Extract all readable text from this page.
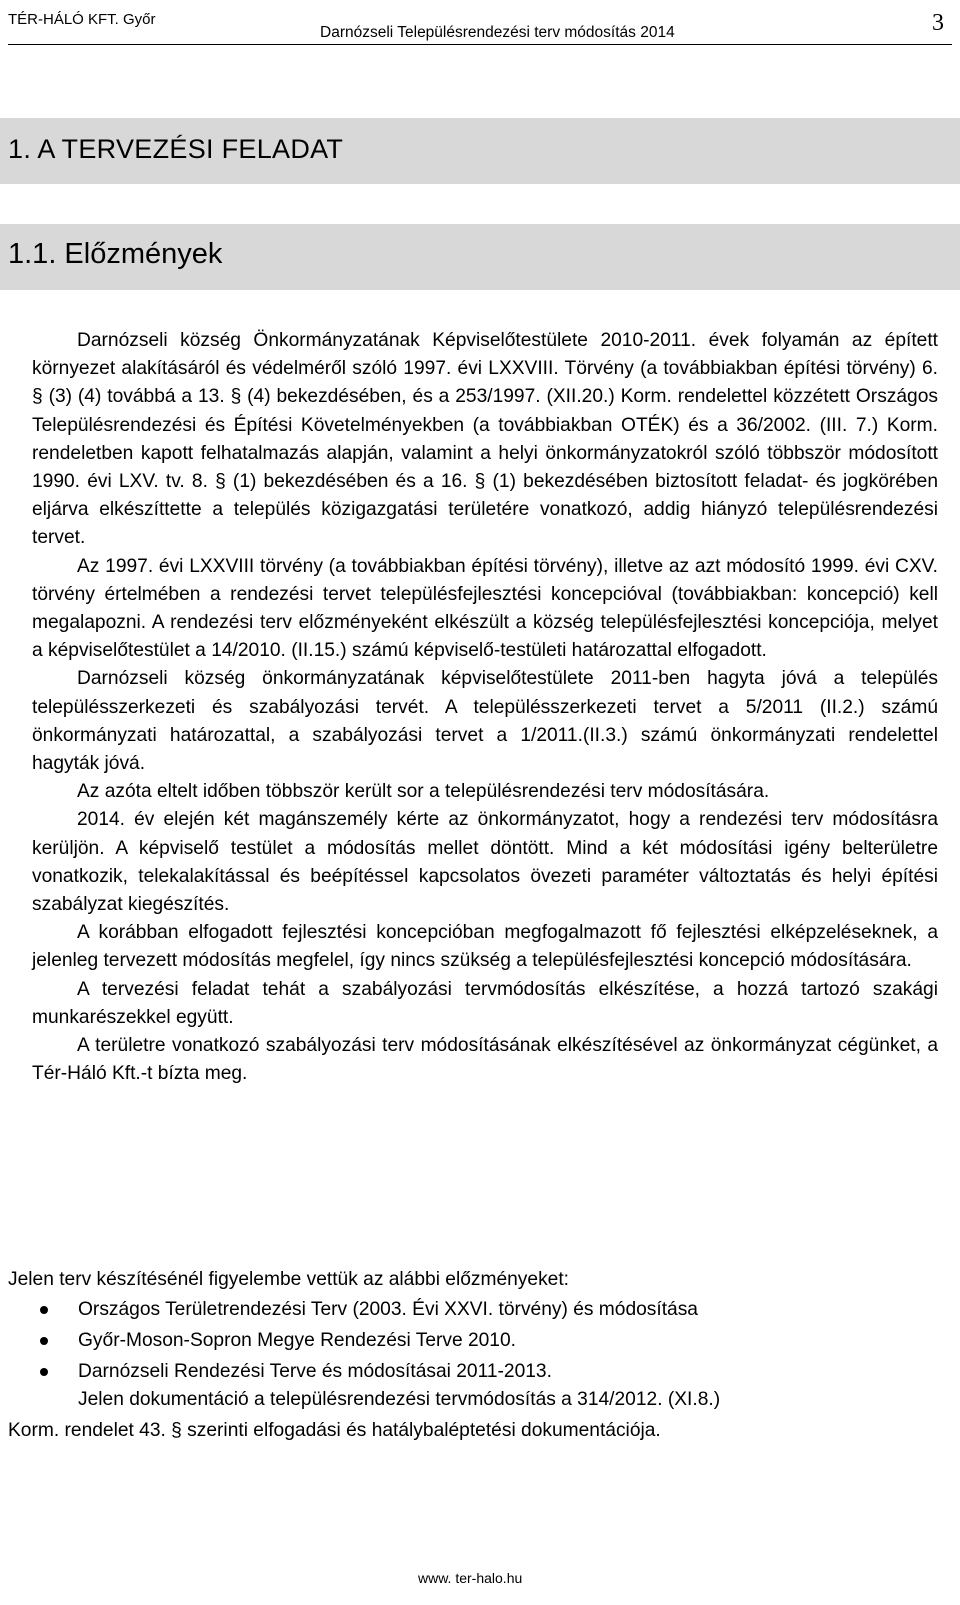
TÉR-HÁLÓ KFT. Győr
Darnózseli Településrendezési terv módosítás 2014	3
1. A TERVEZÉSI FELADAT
1.1. Előzmények

Darnózseli község Önkormányzatának Képviselőtestülete 2010-2011. évek folyamán az épített környezet alakításáról és védelméről szóló 1997. évi LXXVIII. Törvény (a továbbiakban építési törvény) 6. § (3) (4) továbbá a 13. § (4) bekezdésében, és a 253/1997. (XII.20.) Korm. rendelettel közzétett Országos Településrendezési és Építési Követelményekben (a továbbiakban OTÉK) és a 36/2002. (III. 7.) Korm. rendeletben kapott felhatalmazás alapján, valamint a helyi önkormányzatokról szóló többször módosított 1990. évi LXV. tv. 8. § (1) bekezdésében és a 16. § (1) bekezdésében biztosított feladat- és jogkörében eljárva elkészíttette a település közigazgatási területére vonatkozó, addig hiányzó településrendezési tervet.

Az 1997. évi LXXVIII törvény (a továbbiakban építési törvény), illetve az azt módosító 1999. évi CXV. törvény értelmében a rendezési tervet településfejlesztési koncepcióval (továbbiakban: koncepció) kell megalapozni. A rendezési terv előzményeként elkészült a község településfejlesztési koncepciója, melyet a képviselőtestület a 14/2010. (II.15.) számú képviselő-testületi határozattal elfogadott.

Darnózseli község önkormányzatának képviselőtestülete 2011-ben hagyta jóvá a település településszerkezeti és szabályozási tervét. A településszerkezeti tervet a 5/2011 (II.2.) számú önkormányzati határozattal, a szabályozási tervet a 1/2011.(II.3.) számú önkormányzati rendelettel hagyták jóvá.

Az azóta eltelt időben többször került sor a településrendezési terv módosítására.

2014. év elején két magánszemély kérte az önkormányzatot, hogy a rendezési terv módosításra kerüljön. A képviselő testület a módosítás mellet döntött. Mind a két módosítási igény belterületre vonatkozik, telekalakítással és beépítéssel kapcsolatos övezeti paraméter változtatás és helyi építési szabályzat kiegészítés.

A korábban elfogadott fejlesztési koncepcióban megfogalmazott fő fejlesztési elképzeléseknek, a jelenleg tervezett módosítás megfelel, így nincs szükség a településfejlesztési koncepció módosítására.

A tervezési feladat tehát a szabályozási tervmódosítás elkészítése, a hozzá tartozó szakági munkarészekkel együtt.

A területre vonatkozó szabályozási terv módosításának elkészítésével az önkormányzat cégünket, a Tér-Háló Kft.-t bízta meg.

Jelen terv készítésénél figyelembe vettük az alábbi előzményeket:
Országos Területrendezési Terv (2003. Évi XXVI. törvény) és módosítása
Győr-Moson-Sopron Megye Rendezési Terve 2010.
Darnózseli Rendezési Terve és módosításai 2011-2013.
Jelen dokumentáció a településrendezési tervmódosítás a 314/2012. (XI.8.)
Korm. rendelet 43. § szerinti elfogadási és hatálybaléptetési dokumentációja.
www. ter-halo.hu
